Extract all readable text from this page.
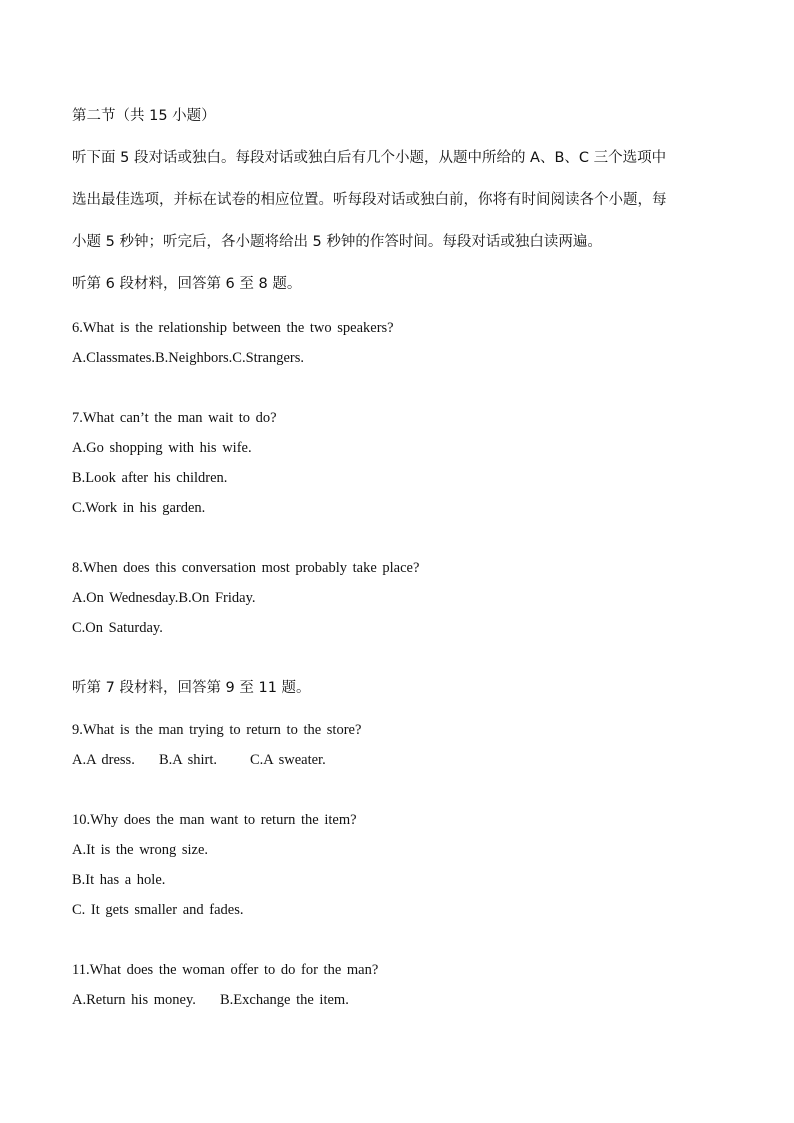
第二节（共 15 小题）
听下面 5 段对话或独白。每段对话或独白后有几个小题，从题中所给的 A、B、C 三个选项中
选出最佳选项，并标在试卷的相应位置。听每段对话或独白前，你将有时间阅读各个小题，每
小题 5 秒钟；听完后，各小题将给出 5 秒钟的作答时间。每段对话或独白读两遍。
听第 6 段材料，回答第 6 至 8 题。
6.What is the relationship between the two speakers?
A.Classmates.B.Neighbors.C.Strangers.
7.What can’t the man wait to do?
A.Go shopping with his wife.
B.Look after his children.
C.Work in his garden.
8.When does this conversation most probably take place?
A.On Wednesday.B.On Friday.
C.On Saturday.
听第 7 段材料，回答第 9 至 11 题。
9.What is the man trying to return to the store?
A.A dress. B.A shirt. C.A sweater.
10.Why does the man want to return the item?
A.It is the wrong size.
B.It has a hole.
C. It gets smaller and fades.
11.What does the woman offer to do for the man?
A.Return his money. B.Exchange the item.
